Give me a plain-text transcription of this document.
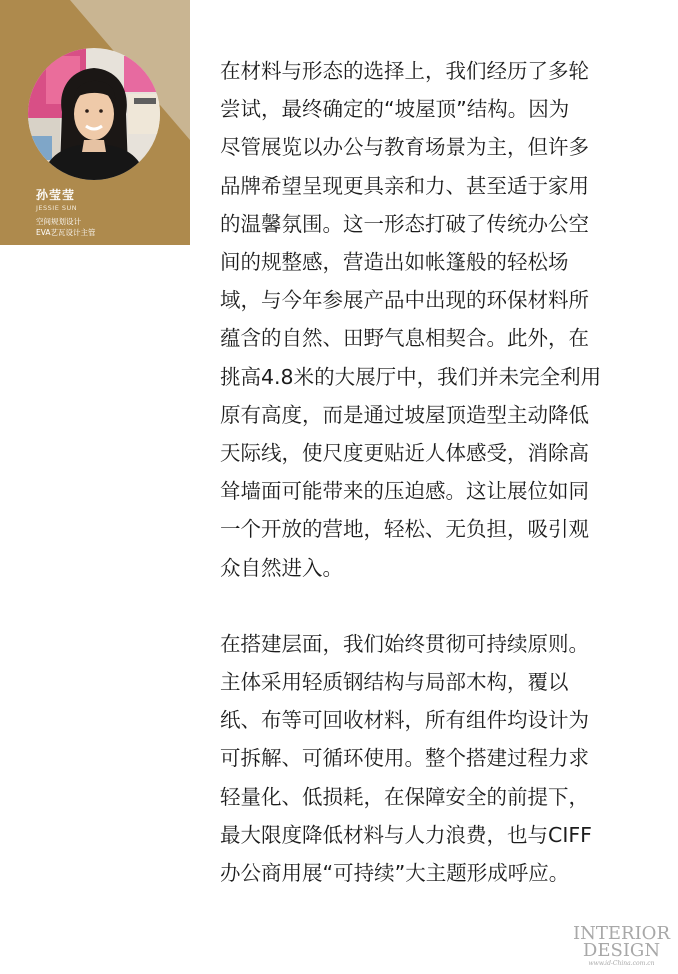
孙莹莹
JESSIE SUN
空间规划设计
EVA艺瓦设计主管

在材料与形态的选择上，我们经历了多轮
尝试，最终确定的“坡屋顶”结构。因为
尽管展览以办公与教育场景为主，但许多
品牌希望呈现更具亲和力、甚至适于家用
的温馨氛围。这一形态打破了传统办公空
间的规整感，营造出如帐篷般的轻松场
域，与今年参展产品中出现的环保材料所
蕴含的自然、田野气息相契合。此外，在
挑高4.8米的大展厅中，我们并未完全利用
原有高度，而是通过坡屋顶造型主动降低
天际线，使尺度更贴近人体感受，消除高
耸墙面可能带来的压迫感。这让展位如同
一个开放的营地，轻松、无负担，吸引观
众自然进入。

在搭建层面，我们始终贯彻可持续原则。
主体采用轻质钢结构与局部木构，覆以
纸、布等可回收材料，所有组件均设计为
可拆解、可循环使用。整个搭建过程力求
轻量化、低损耗，在保障安全的前提下，
最大限度降低材料与人力浪费，也与CIFF
办公商用展“可持续”大主题形成呼应。

INTERIOR
DESIGN
www.id-China.com.cn
